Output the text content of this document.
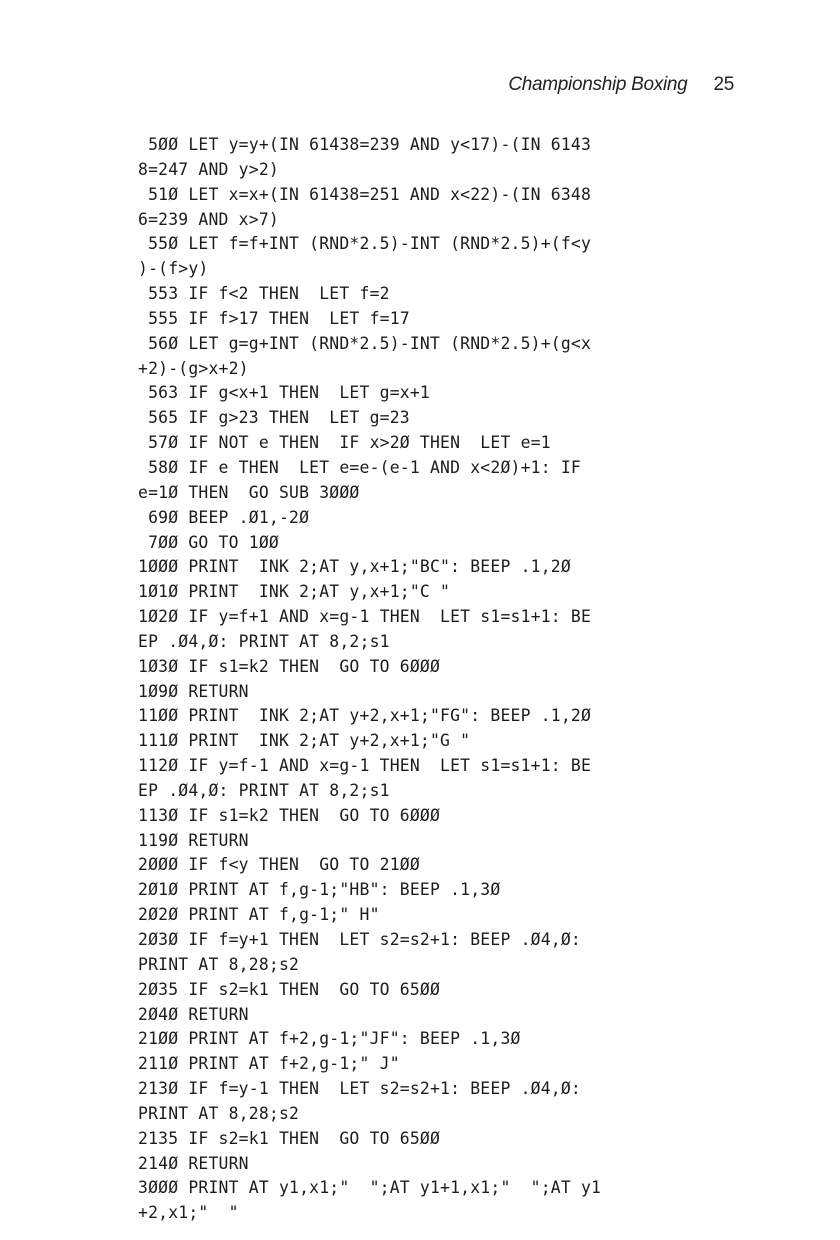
Championship Boxing 25
5ØØ LET y=y+(IN 61438=239 AND y<17)-(IN 6143
8=247 AND y>2)
51Ø LET x=x+(IN 61438=251 AND x<22)-(IN 6348
6=239 AND x>7)
55Ø LET f=f+INT (RND*2.5)-INT (RND*2.5)+(f<y
)-(f>y)
553 IF f<2 THEN  LET f=2
555 IF f>17 THEN  LET f=17
56Ø LET g=g+INT (RND*2.5)-INT (RND*2.5)+(g<x
+2)-(g>x+2)
563 IF g<x+1 THEN  LET g=x+1
565 IF g>23 THEN  LET g=23
57Ø IF NOT e THEN  IF x>2Ø THEN  LET e=1
58Ø IF e THEN  LET e=e-(e-1 AND x<2Ø)+1: IF
e=1Ø THEN  GO SUB 3ØØØ
69Ø BEEP .Ø1,-2Ø
7ØØ GO TO 1ØØ
1ØØØ PRINT  INK 2;AT y,x+1;"BC": BEEP .1,2Ø
1Ø1Ø PRINT  INK 2;AT y,x+1;"C "
1Ø2Ø IF y=f+1 AND x=g-1 THEN  LET s1=s1+1: BE
EP .Ø4,Ø: PRINT AT 8,2;s1
1Ø3Ø IF s1=k2 THEN  GO TO 6ØØØ
1Ø9Ø RETURN
11ØØ PRINT  INK 2;AT y+2,x+1;"FG": BEEP .1,2Ø
111Ø PRINT  INK 2;AT y+2,x+1;"G "
112Ø IF y=f-1 AND x=g-1 THEN  LET s1=s1+1: BE
EP .Ø4,Ø: PRINT AT 8,2;s1
113Ø IF s1=k2 THEN  GO TO 6ØØØ
119Ø RETURN
2ØØØ IF f<y THEN  GO TO 21ØØ
2Ø1Ø PRINT AT f,g-1;"HB": BEEP .1,3Ø
2Ø2Ø PRINT AT f,g-1;" H"
2Ø3Ø IF f=y+1 THEN  LET s2=s2+1: BEEP .Ø4,Ø:
PRINT AT 8,28;s2
2Ø35 IF s2=k1 THEN  GO TO 65ØØ
2Ø4Ø RETURN
21ØØ PRINT AT f+2,g-1;"JF": BEEP .1,3Ø
211Ø PRINT AT f+2,g-1;" J"
213Ø IF f=y-1 THEN  LET s2=s2+1: BEEP .Ø4,Ø:
PRINT AT 8,28;s2
2135 IF s2=k1 THEN  GO TO 65ØØ
214Ø RETURN
3ØØØ PRINT AT y1,x1;"  ";AT y1+1,x1;"  ";AT y1
+2,x1;"  "
